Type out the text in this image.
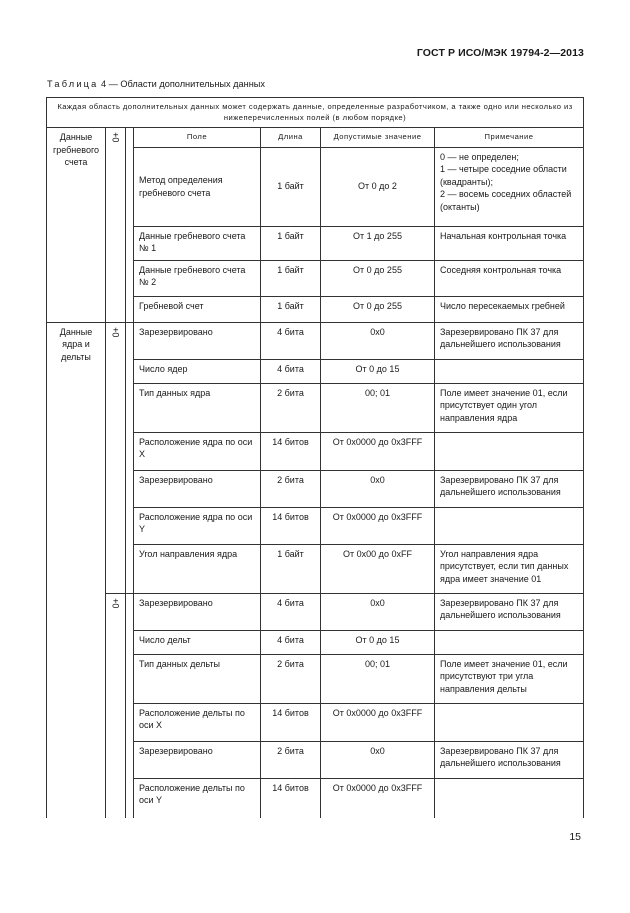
ГОСТ Р ИСО/МЭК 19794-2—2013
Таблица 4 — Области дополнительных данных
Каждая область дополнительных данных может содержать данные, определенные разработчиком, а также одно или несколько из нижеперечисленных полей (в любом порядке)						
Данные гребневого счета	0+		Поле	Длина	Допустимые значение	Примечание
			Метод определения гребневого счета	1 байт	От 0 до 2	0 — не определен;
1 — четыре соседние области (квадранты);
2 — восемь соседних областей (октанты)
			Данные гребневого счета № 1	1 байт	От 1 до 255	Начальная контрольная точка
			Данные гребневого счета № 2	1 байт	От 0 до 255	Соседняя контрольная точка
			Гребневой счет	1 байт	От 0 до 255	Число пересекаемых гребней
Данные ядра и дельты	0+		Зарезервировано	4 бита	0x0	Зарезервировано ПК 37 для дальнейшего использования
			Число ядер	4 бита	От 0 до 15	
			Тип данных ядра	2 бита	00; 01	Поле имеет значение 01, если присутствует один угол направления ядра
			Расположение ядра по оси X	14 битов	От 0x0000 до 0x3FFF	
			Зарезервировано	2 бита	0x0	Зарезервировано ПК 37 для дальнейшего использования
			Расположение ядра по оси Y	14 битов	От 0x0000 до 0x3FFF	
			Угол направления ядра	1 байт	От 0x00 до 0xFF	Угол направления ядра присутствует, если тип данных ядра имеет значение 01
	0+		Зарезервировано	4 бита	0x0	Зарезервировано ПК 37 для дальнейшего использования
			Число дельт	4 бита	От 0 до 15	
			Тип данных дельты	2 бита	00; 01	Поле имеет значение 01, если присутствуют три угла направления дельты
			Расположение дельты по оси X	14 битов	От 0x0000 до 0x3FFF	
			Зарезервировано	2 бита	0x0	Зарезервировано ПК 37 для дальнейшего использования
			Расположение дельты по оси Y	14 битов	От 0x0000 до 0x3FFF	
15
